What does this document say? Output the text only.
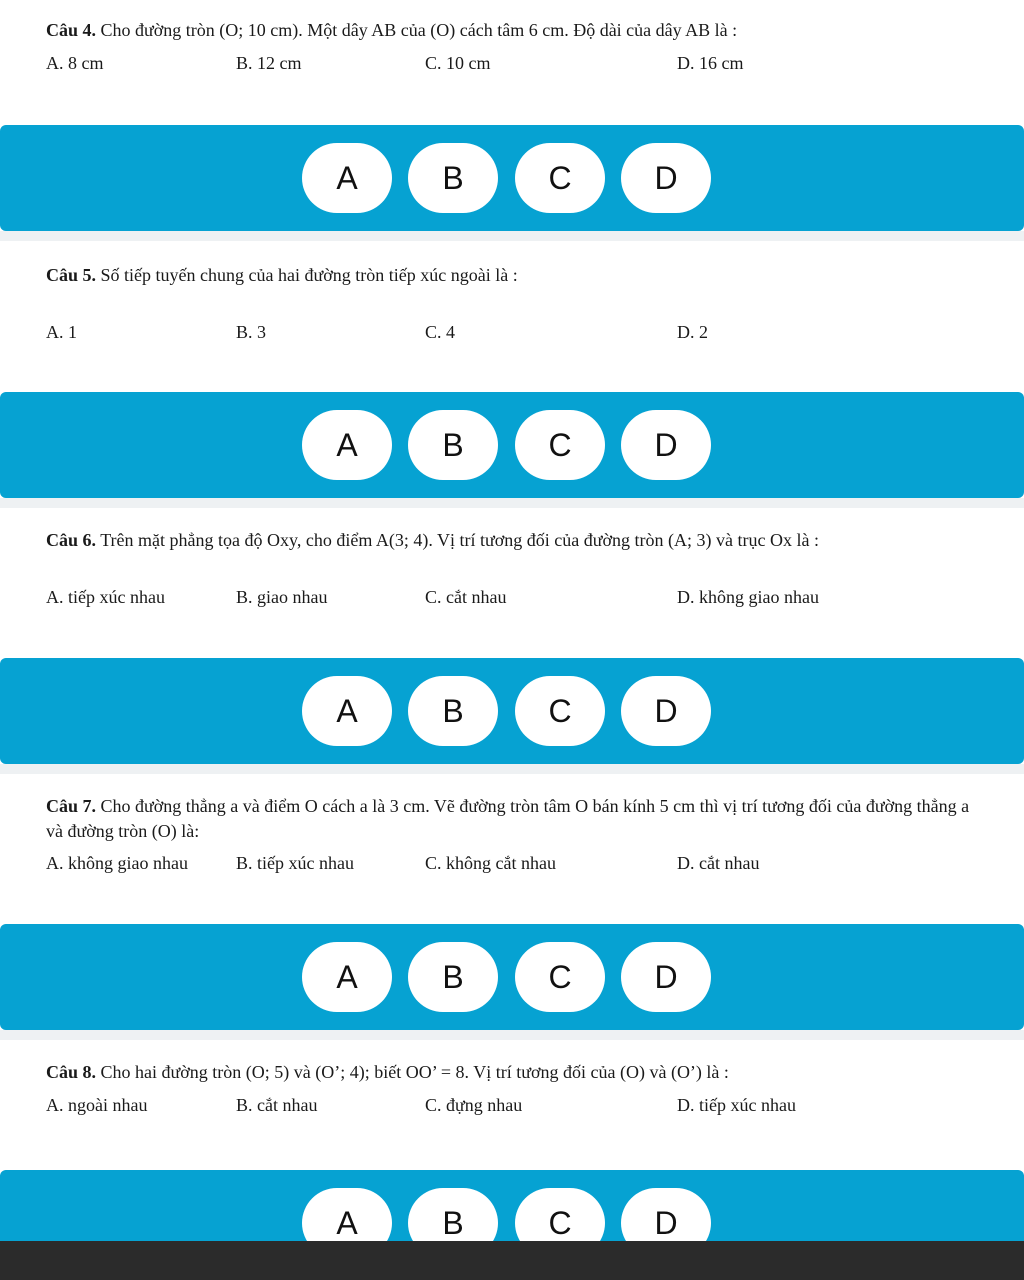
Câu 4. Cho đường tròn (O; 10 cm). Một dây AB của (O) cách tâm 6 cm. Độ dài của dây AB là :

A. 8 cm	B. 12 cm	C. 10 cm	D. 16 cm
A	B	C	D

Câu 5. Số tiếp tuyến chung của hai đường tròn tiếp xúc ngoài là :

A. 1	B. 3	C. 4	D. 2
A	B	C	D

Câu 6. Trên mặt phẳng tọa độ Oxy, cho điểm A(3; 4). Vị trí tương đối của đường tròn (A; 3) và trục Ox là :

A. tiếp xúc nhau	B. giao nhau	C. cắt nhau	D. không giao nhau
A	B	C	D

Câu 7. Cho đường thẳng a và điểm O cách a là 3 cm. Vẽ đường tròn tâm O bán kính 5 cm thì vị trí tương đối của đường thẳng a và đường tròn (O) là:

A. không giao nhau	B. tiếp xúc nhau	C. không cắt nhau	D. cắt nhau
A	B	C	D

Câu 8. Cho hai đường tròn (O; 5) và (O’; 4); biết OO’ = 8. Vị trí tương đối của (O) và (O’) là :

A. ngoài nhau	B. cắt nhau	C. đựng nhau	D. tiếp xúc nhau
A	B	C	D
